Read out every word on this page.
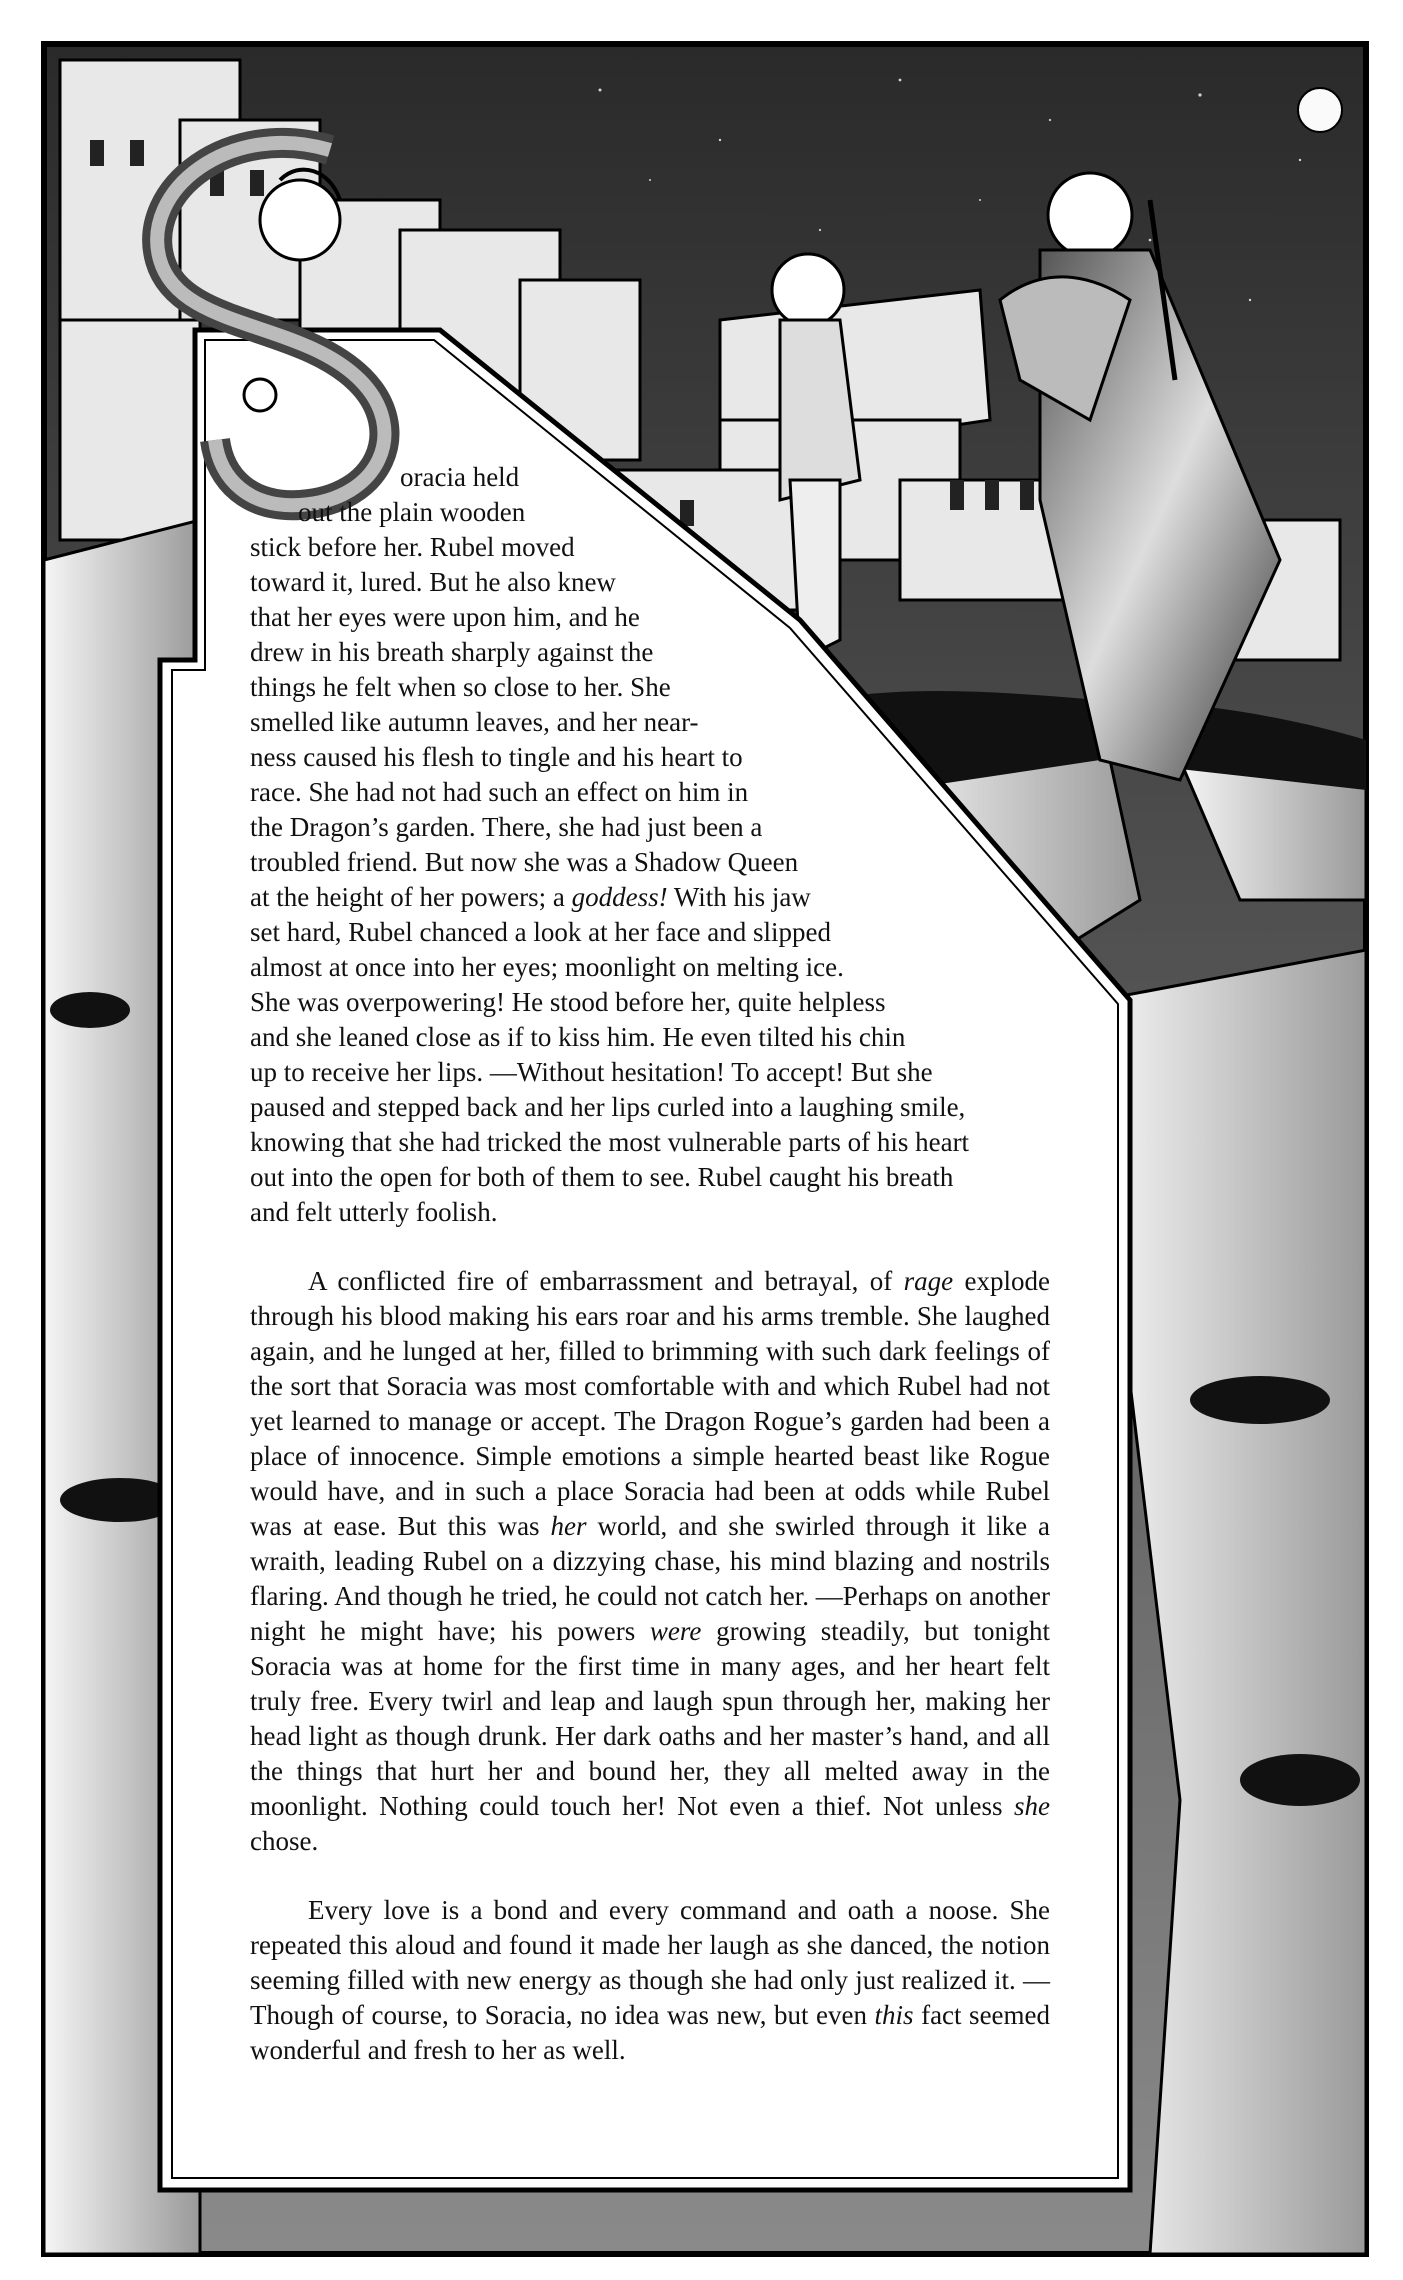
oracia held
out the plain wooden
stick before her. Rubel moved
toward it, lured. But he also knew
that her eyes were upon him, and he
drew in his breath sharply against the
things he felt when so close to her. She
smelled like autumn leaves, and her near-
ness caused his flesh to tingle and his heart to
race. She had not had such an effect on him in
the Dragon’s garden. There, she had just been a
troubled friend. But now she was a Shadow Queen
at the height of her powers; a goddess! With his jaw
set hard, Rubel chanced a look at her face and slipped
almost at once into her eyes; moonlight on melting ice.
She was overpowering! He stood before her, quite helpless
and she leaned close as if to kiss him. He even tilted his chin
up to receive her lips. —Without hesitation! To accept! But she
paused and stepped back and her lips curled into a laughing smile,
knowing that she had tricked the most vulnerable parts of his heart
out into the open for both of them to see. Rubel caught his breath
and felt utterly foolish.

A conflicted fire of embarrassment and betrayal, of rage explode through his blood making his ears roar and his arms tremble. She laughed again, and he lunged at her, filled to brimming with such dark feelings of the sort that Soracia was most comfortable with and which Rubel had not yet learned to manage or accept. The Dragon Rogue’s garden had been a place of innocence. Simple emotions a simple hearted beast like Rogue would have, and in such a place Soracia had been at odds while Rubel was at ease. But this was her world, and she swirled through it like a wraith, leading Rubel on a dizzying chase, his mind blazing and nostrils flaring. And though he tried, he could not catch her. —Perhaps on another night he might have; his powers were growing steadily, but tonight Soracia was at home for the first time in many ages, and her heart felt truly free. Every twirl and leap and laugh spun through her, making her head light as though drunk. Her dark oaths and her master’s hand, and all the things that hurt her and bound her, they all melted away in the moonlight. Nothing could touch her! Not even a thief. Not unless she chose.

Every love is a bond and every command and oath a noose. She repeated this aloud and found it made her laugh as she danced, the notion seeming filled with new energy as though she had only just realized it. —Though of course, to Soracia, no idea was new, but even this fact seemed wonderful and fresh to her as well.
